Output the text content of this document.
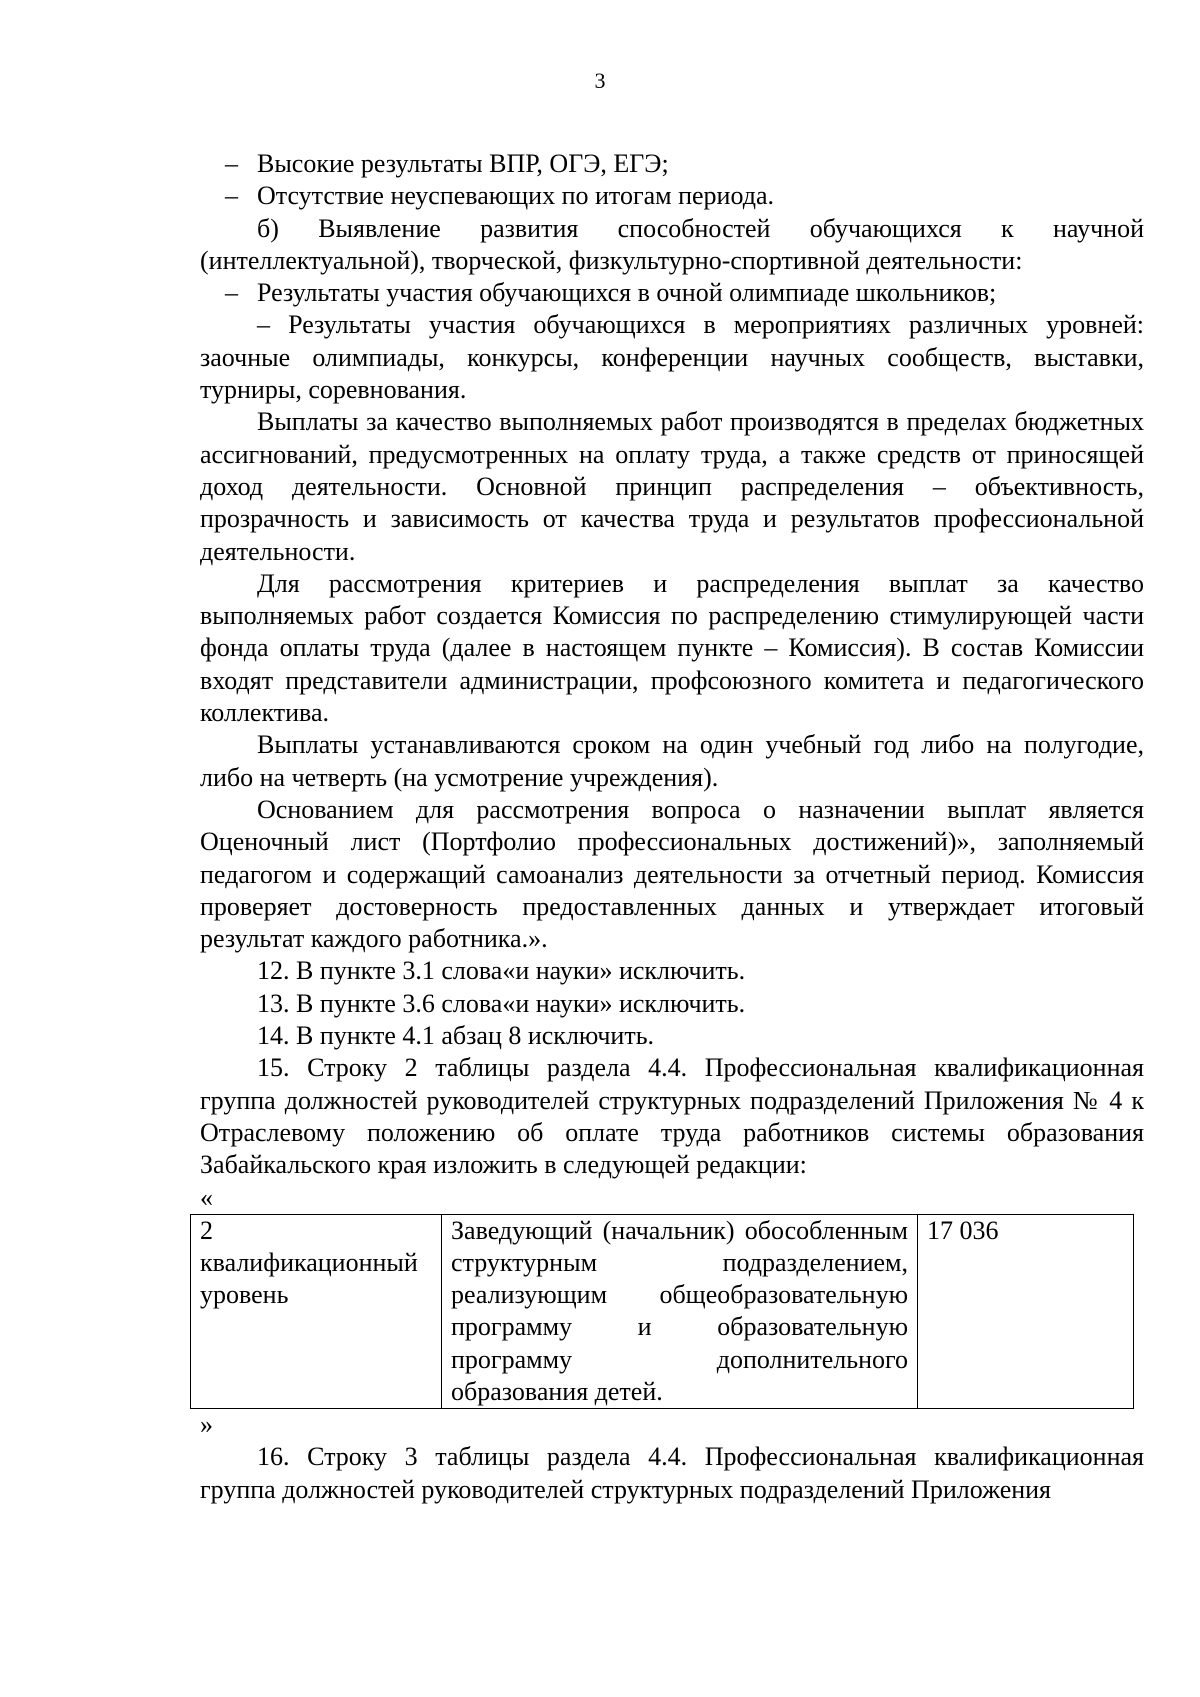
3

– Высокие результаты ВПР, ОГЭ, ЕГЭ;

– Отсутствие неуспевающих по итогам периода.

б) Выявление развития способностей обучающихся к научной (интеллектуальной), творческой, физкультурно-спортивной деятельности:

– Результаты участия обучающихся в очной олимпиаде школьников;

– Результаты участия обучающихся в мероприятиях различных уровней: заочные олимпиады, конкурсы, конференции научных сообществ, выставки, турниры, соревнования.

Выплаты за качество выполняемых работ производятся в пределах бюджетных ассигнований, предусмотренных на оплату труда, а также средств от приносящей доход деятельности. Основной принцип распределения – объективность, прозрачность и зависимость от качества труда и результатов профессиональной деятельности.

Для рассмотрения критериев и распределения выплат за качество выполняемых работ создается Комиссия по распределению стимулирующей части фонда оплаты труда (далее в настоящем пункте – Комиссия). В состав Комиссии входят представители администрации, профсоюзного комитета и педагогического коллектива.

Выплаты устанавливаются сроком на один учебный год либо на полугодие, либо на четверть (на усмотрение учреждения).

Основанием для рассмотрения вопроса о назначении выплат является Оценочный лист (Портфолио профессиональных достижений)», заполняемый педагогом и содержащий самоанализ деятельности за отчетный период. Комиссия проверяет достоверность предоставленных данных и утверждает итоговый результат каждого работника.».

12. В пункте 3.1 слова«и науки» исключить.

13. В пункте 3.6 слова«и науки» исключить.

14. В пункте 4.1 абзац 8 исключить.

15. Строку 2 таблицы раздела 4.4. Профессиональная квалификационная группа должностей руководителей структурных подразделений Приложения № 4 к Отраслевому положению об оплате труда работников системы образования Забайкальского края изложить в следующей редакции:

«

2 квалификационный уровень	Заведующий (начальник) обособленным структурным подразделением, реализующим общеобразовательную программу и образовательную программу дополнительного образования детей.	17 036

»

16. Строку 3 таблицы раздела 4.4. Профессиональная квалификационная группа должностей руководителей структурных подразделений Приложения
